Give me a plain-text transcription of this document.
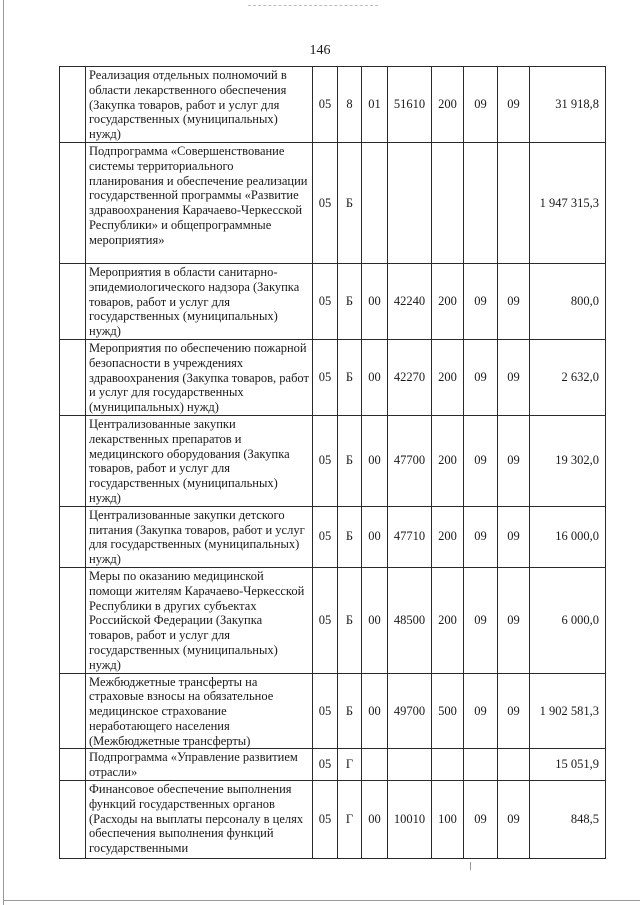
146
	Реализация отдельных полномочий в области лекарственного обеспечения (Закупка товаров, работ и услуг для государственных (муниципальных) нужд)	05	8	01	51610	200	09	09	31 918,8
	Подпрограмма «Совершенствование системы территориального планирования и обеспечение реализации государственной программы «Развитие здравоохранения Карачаево-Черкесской Республики» и общепрограммные мероприятия»	05	Б						1 947 315,3
	Мероприятия в области санитарно-эпидемиологического надзора (Закупка товаров, работ и услуг для государственных (муниципальных) нужд)	05	Б	00	42240	200	09	09	800,0
	Мероприятия по обеспечению пожарной безопасности в учреждениях здравоохранения (Закупка товаров, работ и услуг для государственных (муниципальных) нужд)	05	Б	00	42270	200	09	09	2 632,0
	Централизованные закупки лекарственных препаратов и медицинского оборудования (Закупка товаров, работ и услуг для государственных (муниципальных) нужд)	05	Б	00	47700	200	09	09	19 302,0
	Централизованные закупки детского питания (Закупка товаров, работ и услуг для государственных (муниципальных) нужд)	05	Б	00	47710	200	09	09	16 000,0
	Меры по оказанию медицинской помощи жителям Карачаево-Черкесской Республики в других субъектах Российской Федерации (Закупка товаров, работ и услуг для государственных (муниципальных) нужд)	05	Б	00	48500	200	09	09	6 000,0
	Межбюджетные трансферты на страховые взносы на обязательное медицинское страхование неработающего населения (Межбюджетные трансферты)	05	Б	00	49700	500	09	09	1 902 581,3
	Подпрограмма «Управление развитием отрасли»	05	Г						15 051,9
	Финансовое обеспечение выполнения функций государственных органов (Расходы на выплаты персоналу в целях обеспечения выполнения функций государственными	05	Г	00	10010	100	09	09	848,5
